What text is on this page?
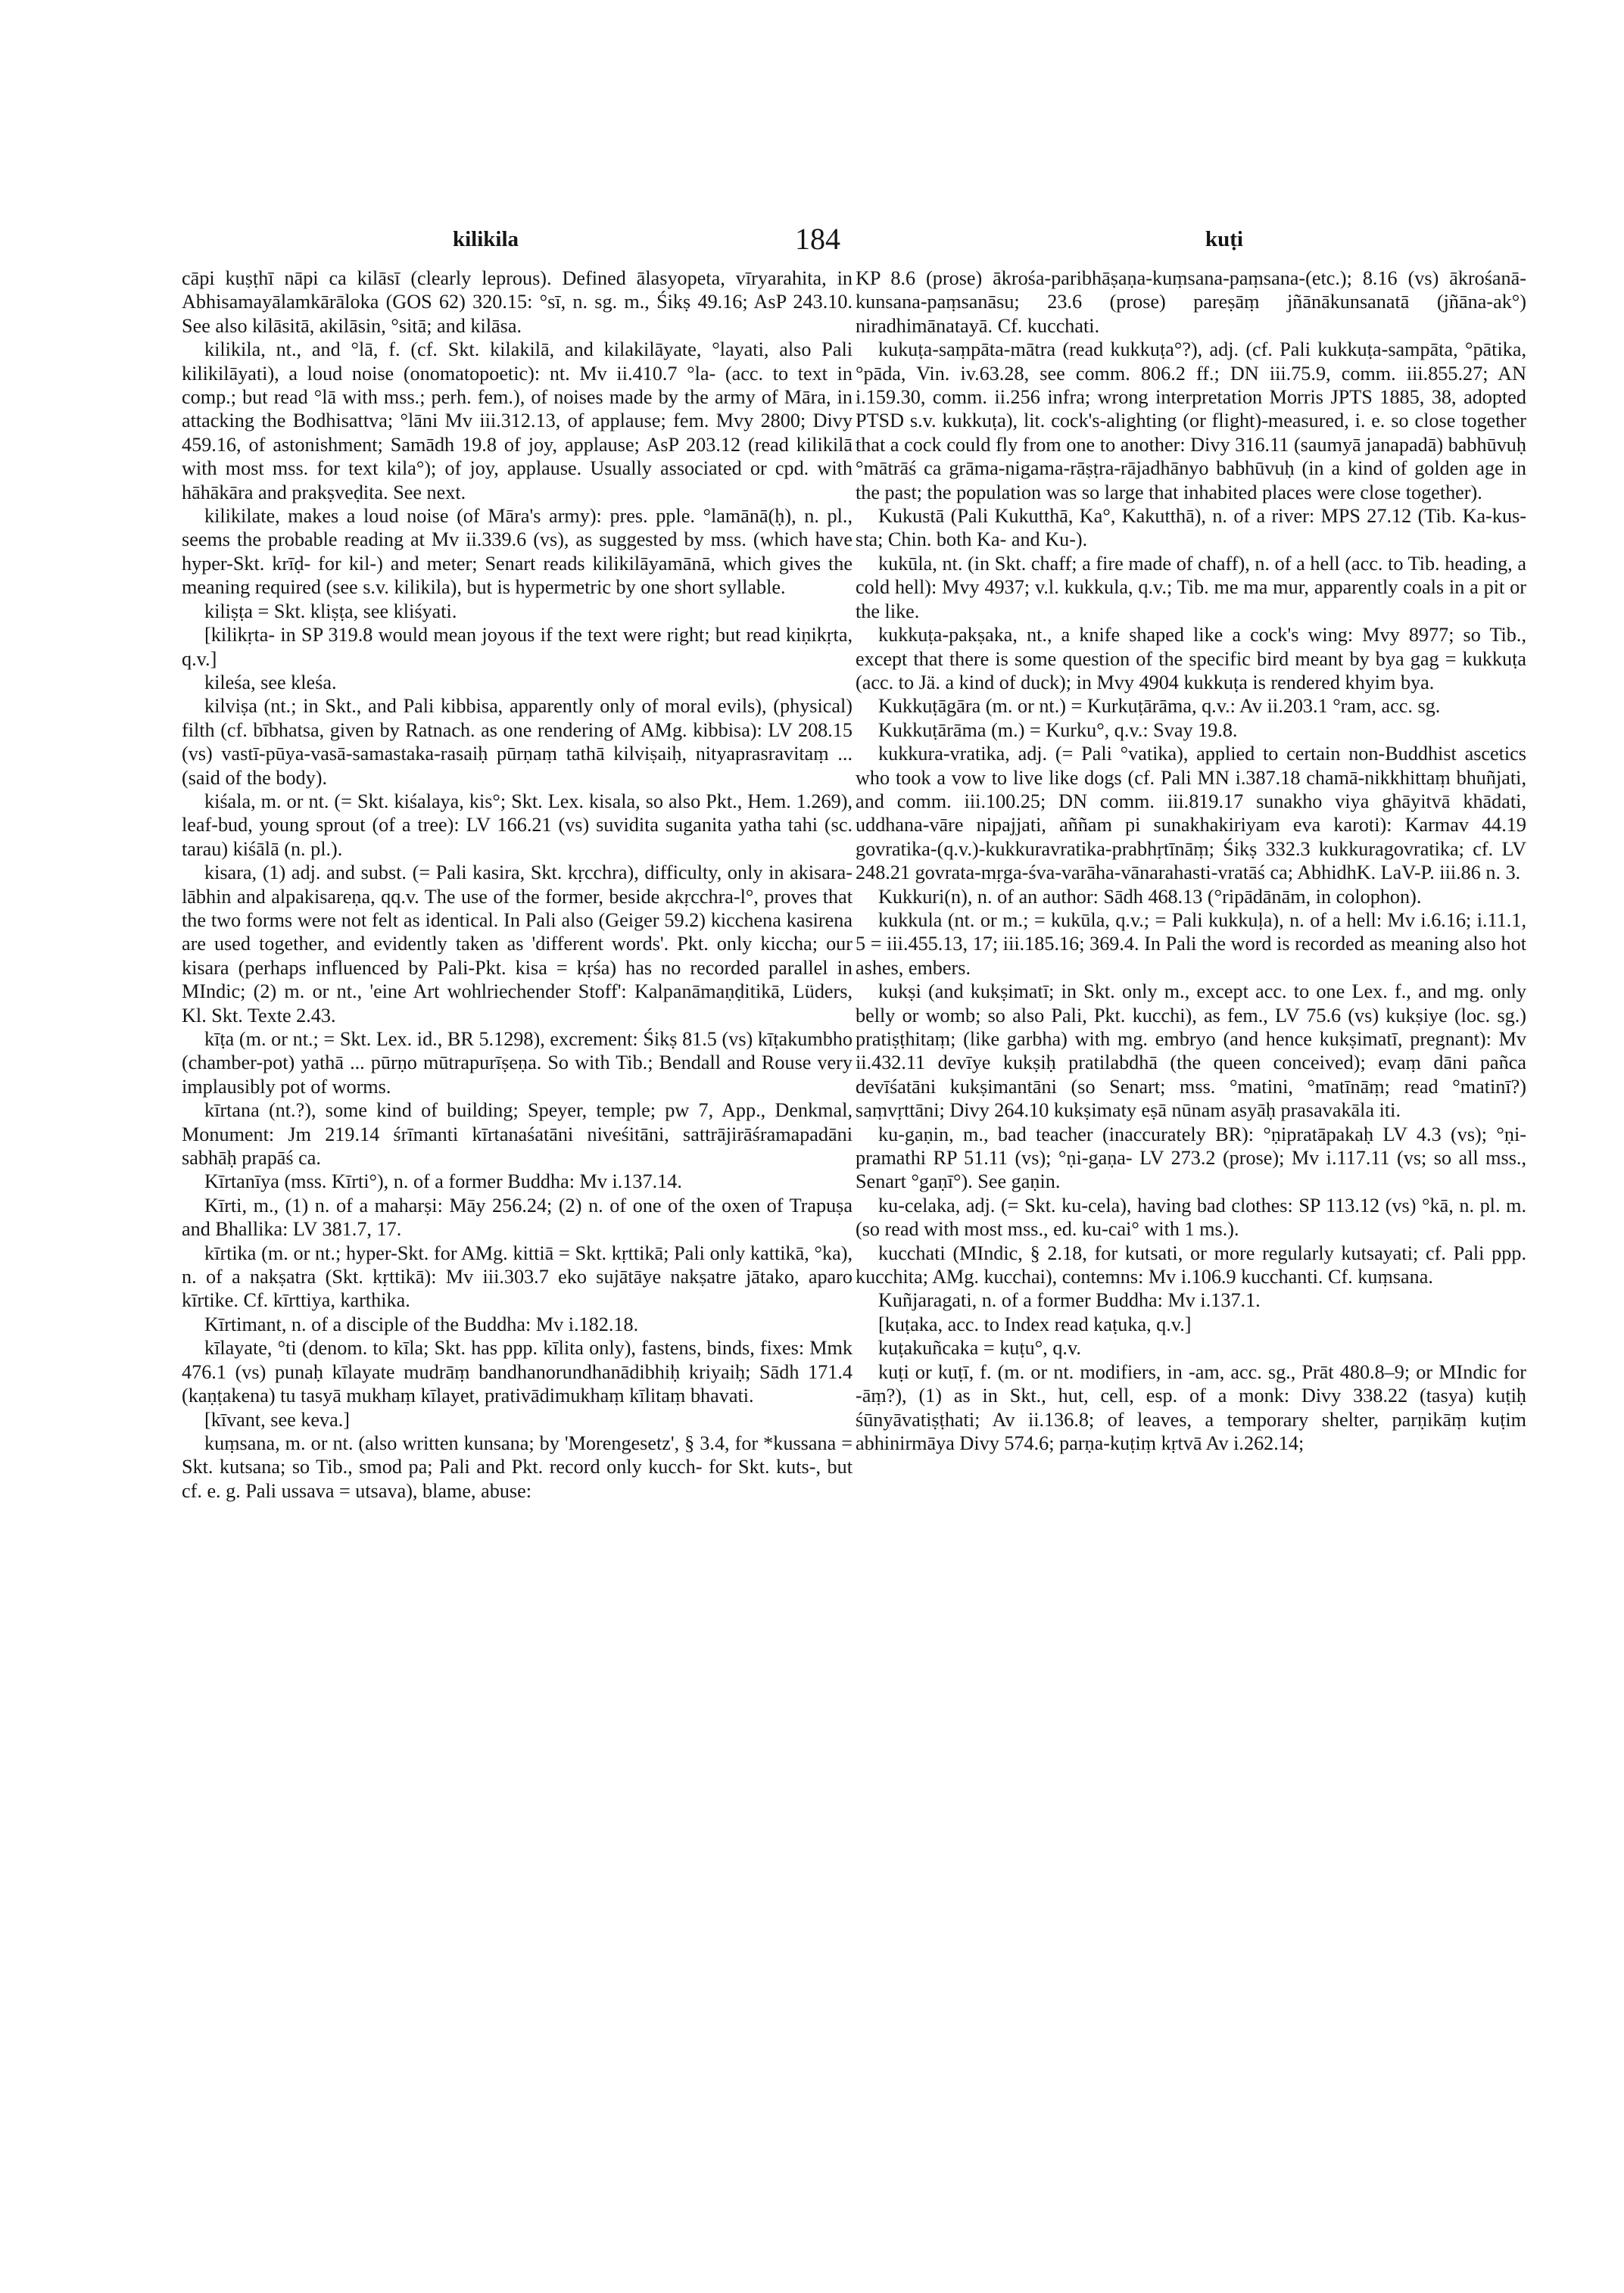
kilikila	184	kuṭi

cāpi kuṣṭhī nāpi ca kilāsī (clearly leprous). Defined ālasyopeta, vīryarahita, in Abhisamayālamkārāloka (GOS 62) 320.15: °sī, n. sg. m., Śikṣ 49.16; AsP 243.10. See also kilāsitā, akilāsin, °sitā; and kilāsa.

kilikila, nt., and °lā, f. (cf. Skt. kilakilā, and kilakilāyate, °layati, also Pali kilikilāyati), a loud noise (onomatopoetic): nt. Mv ii.410.7 °la- (acc. to text in comp.; but read °lā with mss.; perh. fem.), of noises made by the army of Māra, in attacking the Bodhisattva; °lāni Mv iii.312.13, of applause; fem. Mvy 2800; Divy 459.16, of astonishment; Samādh 19.8 of joy, applause; AsP 203.12 (read kilikilā with most mss. for text kila°); of joy, applause. Usually associated or cpd. with hāhākāra and prakṣveḍita. See next.

kilikilate, makes a loud noise (of Māra's army): pres. pple. °lamānā(ḥ), n. pl., seems the probable reading at Mv ii.339.6 (vs), as suggested by mss. (which have hyper-Skt. krīḍ- for kil-) and meter; Senart reads kilikilāyamānā, which gives the meaning required (see s.v. kilikila), but is hypermetric by one short syllable.

kiliṣṭa = Skt. kliṣṭa, see kliśyati.

[kilikṛta- in SP 319.8 would mean joyous if the text were right; but read kiṇikṛta, q.v.]

kileśa, see kleśa.

kilviṣa (nt.; in Skt., and Pali kibbisa, apparently only of moral evils), (physical) filth (cf. bībhatsa, given by Ratnach. as one rendering of AMg. kibbisa): LV 208.15 (vs) vastī-pūya-vasā-samastaka-rasaiḥ pūrṇaṃ tathā kilviṣaiḥ, nityaprasravitaṃ ... (said of the body).

kiśala, m. or nt. (= Skt. kiśalaya, kis°; Skt. Lex. kisala, so also Pkt., Hem. 1.269), leaf-bud, young sprout (of a tree): LV 166.21 (vs) suvidita suganita yatha tahi (sc. tarau) kiśālā (n. pl.).

kisara, (1) adj. and subst. (= Pali kasira, Skt. kṛcchra), difficulty, only in akisara-lābhin and alpakisareṇa, qq.v. The use of the former, beside akṛcchra-l°, proves that the two forms were not felt as identical. In Pali also (Geiger 59.2) kicchena kasirena are used together, and evidently taken as 'different words'. Pkt. only kiccha; our kisara (perhaps influenced by Pali-Pkt. kisa = kṛśa) has no recorded parallel in MIndic; (2) m. or nt., 'eine Art wohlriechender Stoff': Kalpanāmaṇḍitikā, Lüders, Kl. Skt. Texte 2.43.

kīṭa (m. or nt.; = Skt. Lex. id., BR 5.1298), excrement: Śikṣ 81.5 (vs) kīṭakumbho (chamber-pot) yathā ... pūrṇo mūtrapurīṣeṇa. So with Tib.; Bendall and Rouse very implausibly pot of worms.

kīrtana (nt.?), some kind of building; Speyer, temple; pw 7, App., Denkmal, Monument: Jm 219.14 śrīmanti kīrtanaśatāni niveśitāni, sattrājirāśramapadāni sabhāḥ prapāś ca.

Kīrtanīya (mss. Kīrti°), n. of a former Buddha: Mv i.137.14.

Kīrti, m., (1) n. of a maharṣi: Māy 256.24; (2) n. of one of the oxen of Trapuṣa and Bhallika: LV 381.7, 17.

kīrtika (m. or nt.; hyper-Skt. for AMg. kittiā = Skt. kṛttikā; Pali only kattikā, °ka), n. of a nakṣatra (Skt. kṛttikā): Mv iii.303.7 eko sujātāye nakṣatre jātako, aparo kīrtike. Cf. kīrttiya, karthika.

Kīrtimant, n. of a disciple of the Buddha: Mv i.182.18.

kīlayate, °ti (denom. to kīla; Skt. has ppp. kīlita only), fastens, binds, fixes: Mmk 476.1 (vs) punaḥ kīlayate mudrāṃ bandhanorundhanādibhiḥ kriyaiḥ; Sādh 171.4 (kaṇṭakena) tu tasyā mukhaṃ kīlayet, prativādimukhaṃ kīlitaṃ bhavati.

[kīvant, see keva.]

kuṃsana, m. or nt. (also written kunsana; by 'Morengesetz', § 3.4, for *kussana = Skt. kutsana; so Tib., smod pa; Pali and Pkt. record only kucch- for Skt. kuts-, but cf. e. g. Pali ussava = utsava), blame, abuse:

KP 8.6 (prose) ākrośa-paribhāṣaṇa-kuṃsana-paṃsana-(etc.); 8.16 (vs) ākrośanā-kunsana-paṃsanāsu; 23.6 (prose) pareṣāṃ jñānākunsanatā (jñāna-ak°) niradhimānatayā. Cf. kucchati.

kukuṭa-saṃpāta-mātra (read kukkuṭa°?), adj. (cf. Pali kukkuṭa-sampāta, °pātika, °pāda, Vin. iv.63.28, see comm. 806.2 ff.; DN iii.75.9, comm. iii.855.27; AN i.159.30, comm. ii.256 infra; wrong interpretation Morris JPTS 1885, 38, adopted PTSD s.v. kukkuṭa), lit. cock's-alighting (or flight)-measured, i. e. so close together that a cock could fly from one to another: Divy 316.11 (saumyā janapadā) babhūvuḥ °mātrāś ca grāma-nigama-rāṣṭra-rājadhānyo babhūvuḥ (in a kind of golden age in the past; the population was so large that inhabited places were close together).

Kukustā (Pali Kukutthā, Ka°, Kakutthā), n. of a river: MPS 27.12 (Tib. Ka-kus-sta; Chin. both Ka- and Ku-).

kukūla, nt. (in Skt. chaff; a fire made of chaff), n. of a hell (acc. to Tib. heading, a cold hell): Mvy 4937; v.l. kukkula, q.v.; Tib. me ma mur, apparently coals in a pit or the like.

kukkuṭa-pakṣaka, nt., a knife shaped like a cock's wing: Mvy 8977; so Tib., except that there is some question of the specific bird meant by bya gag = kukkuṭa (acc. to Jä. a kind of duck); in Mvy 4904 kukkuṭa is rendered khyim bya.

Kukkuṭāgāra (m. or nt.) = Kurkuṭārāma, q.v.: Av ii.203.1 °ram, acc. sg.

Kukkuṭārāma (m.) = Kurku°, q.v.: Svay 19.8.

kukkura-vratika, adj. (= Pali °vatika), applied to certain non-Buddhist ascetics who took a vow to live like dogs (cf. Pali MN i.387.18 chamā-nikkhittaṃ bhuñjati, and comm. iii.100.25; DN comm. iii.819.17 sunakho viya ghāyitvā khādati, uddhana-vāre nipajjati, aññam pi sunakhakiriyam eva karoti): Karmav 44.19 govratika-(q.v.)-kukkuravratika-prabhṛtīnāṃ; Śikṣ 332.3 kukkuragovratika; cf. LV 248.21 govrata-mṛga-śva-varāha-vānarahasti-vratāś ca; AbhidhK. LaV-P. iii.86 n. 3.

Kukkuri(n), n. of an author: Sādh 468.13 (°ripādānām, in colophon).

kukkula (nt. or m.; = kukūla, q.v.; = Pali kukkuḷa), n. of a hell: Mv i.6.16; i.11.1, 5 = iii.455.13, 17; iii.185.16; 369.4. In Pali the word is recorded as meaning also hot ashes, embers.

kukṣi (and kukṣimatī; in Skt. only m., except acc. to one Lex. f., and mg. only belly or womb; so also Pali, Pkt. kucchi), as fem., LV 75.6 (vs) kukṣiye (loc. sg.) pratiṣṭhitaṃ; (like garbha) with mg. embryo (and hence kukṣimatī, pregnant): Mv ii.432.11 devīye kukṣiḥ pratilabdhā (the queen conceived); evaṃ dāni pañca devīśatāni kukṣimantāni (so Senart; mss. °matini, °matīnāṃ; read °matinī?) saṃvṛttāni; Divy 264.10 kukṣimaty eṣā nūnam asyāḥ prasavakāla iti.

ku-gaṇin, m., bad teacher (inaccurately BR): °ṇipratāpakaḥ LV 4.3 (vs); °ṇi-pramathi RP 51.11 (vs); °ṇi-gaṇa- LV 273.2 (prose); Mv i.117.11 (vs; so all mss., Senart °gaṇī°). See gaṇin.

ku-celaka, adj. (= Skt. ku-cela), having bad clothes: SP 113.12 (vs) °kā, n. pl. m. (so read with most mss., ed. ku-cai° with 1 ms.).

kucchati (MIndic, § 2.18, for kutsati, or more regularly kutsayati; cf. Pali ppp. kucchita; AMg. kucchai), contemns: Mv i.106.9 kucchanti. Cf. kuṃsana.

Kuñjaragati, n. of a former Buddha: Mv i.137.1.

[kuṭaka, acc. to Index read kaṭuka, q.v.]

kuṭakuñcaka = kuṭu°, q.v.

kuṭi or kuṭī, f. (m. or nt. modifiers, in -am, acc. sg., Prāt 480.8–9; or MIndic for -āṃ?), (1) as in Skt., hut, cell, esp. of a monk: Divy 338.22 (tasya) kuṭiḥ śūnyāvatiṣṭhati; Av ii.136.8; of leaves, a temporary shelter, parṇikāṃ kuṭim abhinirmāya Divy 574.6; parṇa-kuṭiṃ kṛtvā Av i.262.14;
